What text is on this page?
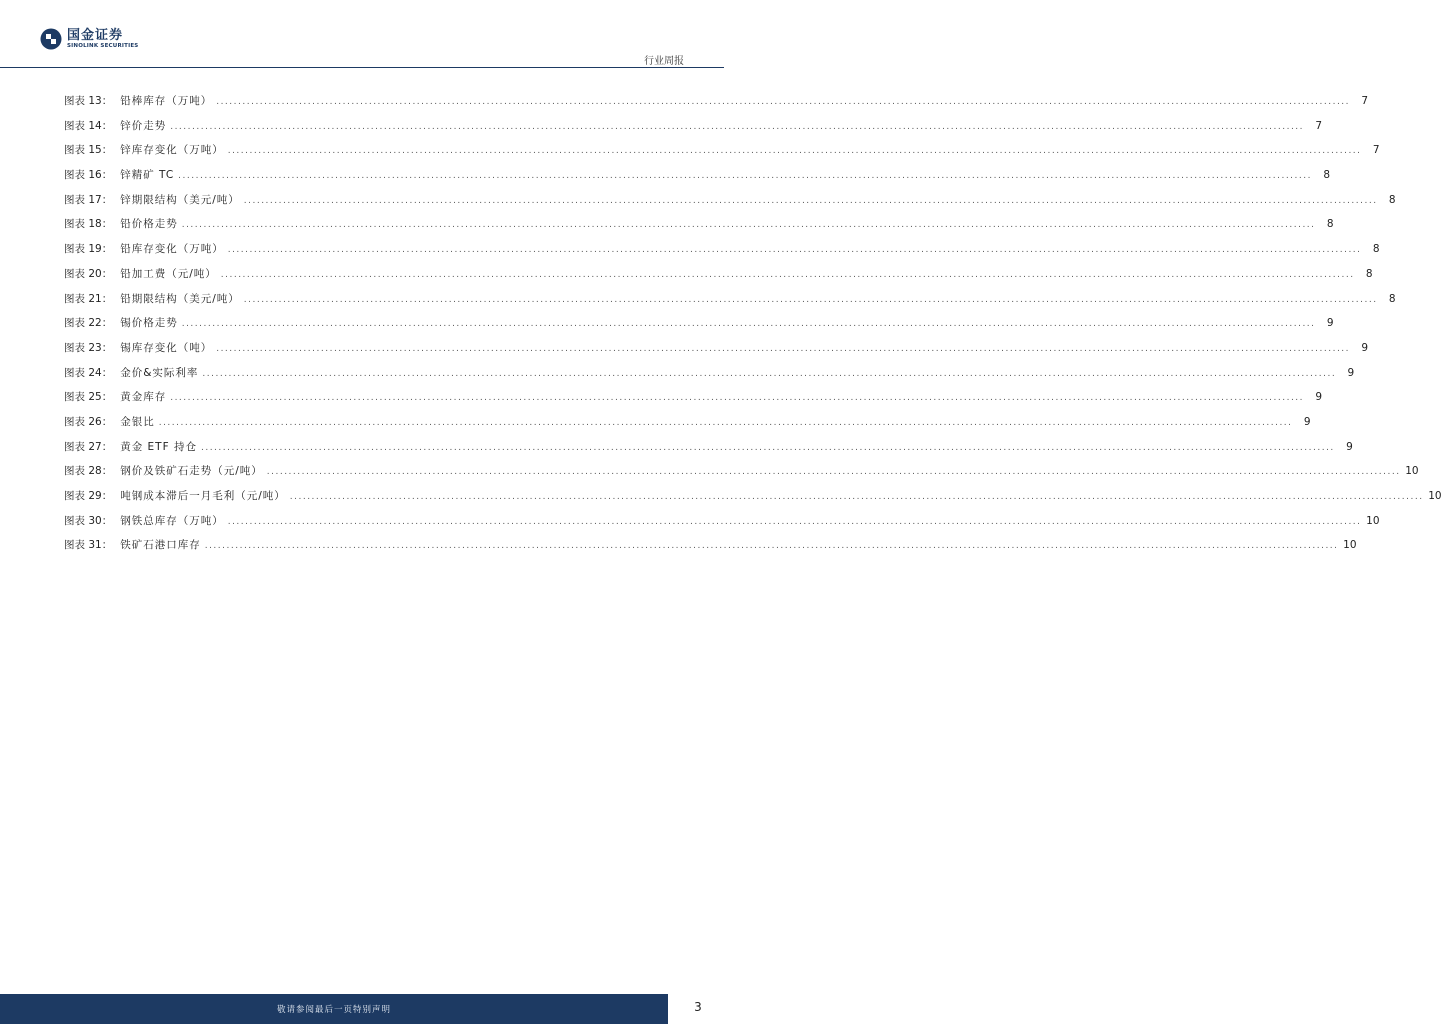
国金证券
SINOLINK SECURITIES
行业周报
图表 13： 铅棒库存（万吨） ....................................................................................................................................................................................................................................................................	7
图表 14： 锌价走势 ....................................................................................................................................................................................................................................................................	7
图表 15： 锌库存变化（万吨） ....................................................................................................................................................................................................................................................................	7
图表 16： 锌精矿 TC ....................................................................................................................................................................................................................................................................	8
图表 17： 锌期限结构（美元/吨） ....................................................................................................................................................................................................................................................................	8
图表 18： 铅价格走势 ....................................................................................................................................................................................................................................................................	8
图表 19： 铅库存变化（万吨） ....................................................................................................................................................................................................................................................................	8
图表 20： 铅加工费（元/吨） ....................................................................................................................................................................................................................................................................	8
图表 21： 铅期限结构（美元/吨） ....................................................................................................................................................................................................................................................................	8
图表 22： 锡价格走势 ....................................................................................................................................................................................................................................................................	9
图表 23： 锡库存变化（吨） ....................................................................................................................................................................................................................................................................	9
图表 24： 金价&实际利率 ....................................................................................................................................................................................................................................................................	9
图表 25： 黄金库存 ....................................................................................................................................................................................................................................................................	9
图表 26： 金银比 ....................................................................................................................................................................................................................................................................	9
图表 27： 黄金 ETF 持仓 ....................................................................................................................................................................................................................................................................	9
图表 28： 钢价及铁矿石走势（元/吨） .................................................................................................................................................................................................................................................................... 10
图表 29： 吨钢成本滞后一月毛利（元/吨） .................................................................................................................................................................................................................................................................... 10
图表 30： 钢铁总库存（万吨） .................................................................................................................................................................................................................................................................... 10
图表 31： 铁矿石港口库存 .................................................................................................................................................................................................................................................................... 10
敬请参阅最后一页特别声明	3
